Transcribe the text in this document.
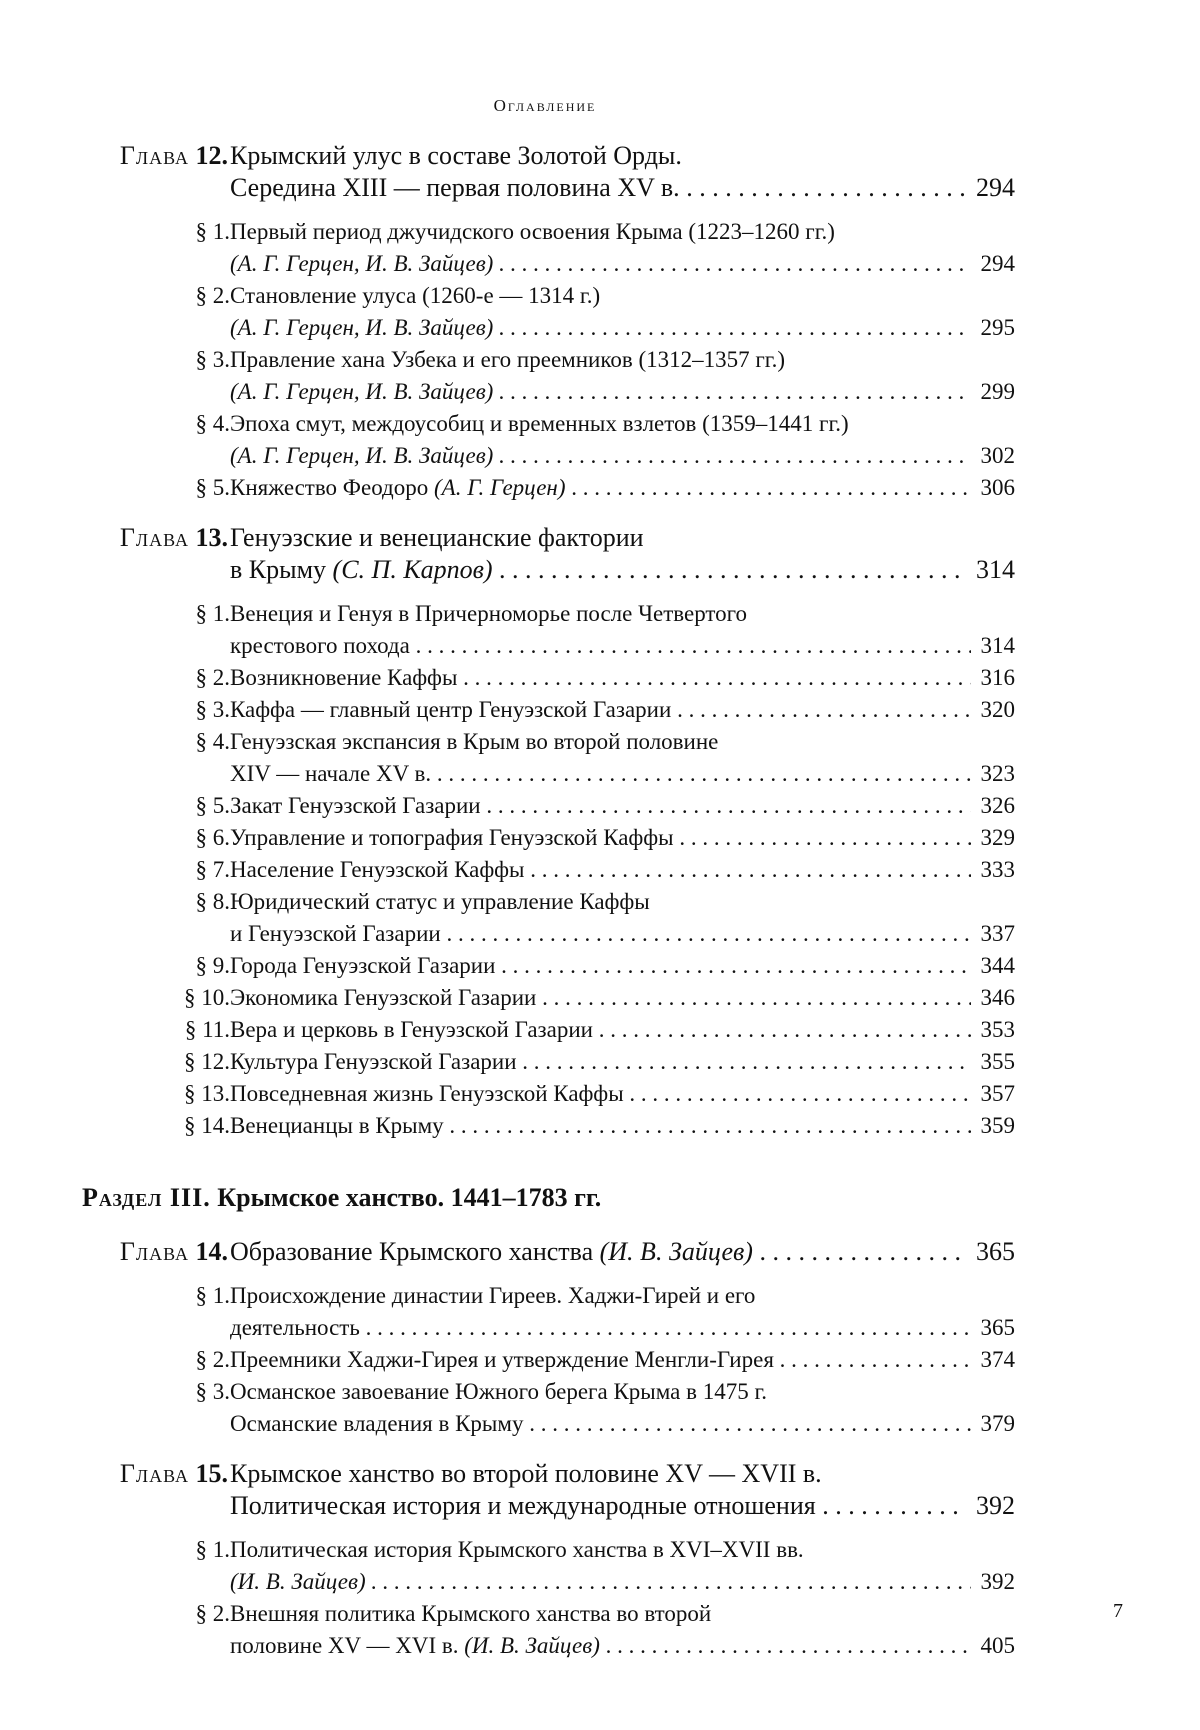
Оглавление
Глава 12. Крымский улус в составе Золотой Орды.
Середина XIII — первая половина XV в. . . .	294
§ 1. Первый период джучидского освоения Крыма (1223–1260 гг.)
(А. Г. Герцен, И. В. Зайцев) . . .	294
§ 2. Становление улуса (1260-е — 1314 г.)
(А. Г. Герцен, И. В. Зайцев) . . .	295
§ 3. Правление хана Узбека и его преемников (1312–1357 гг.)
(А. Г. Герцен, И. В. Зайцев) . . .	299
§ 4. Эпоха смут, междоусобиц и временных взлетов (1359–1441 гг.)
(А. Г. Герцен, И. В. Зайцев) . . .	302
§ 5. Княжество Феодоро (А. Г. Герцен) . . .	306
Глава 13. Генуэзские и венецианские фактории
в Крыму (С. П. Карпов) . . .	314
§ 1. Венеция и Генуя в Причерноморье после Четвертого
крестового похода . . .	314
§ 2. Возникновение Каффы . . .	316
§ 3. Каффа — главный центр Генуэзской Газарии . . .	320
§ 4. Генуэзская экспансия в Крым во второй половине
XIV — начале XV в. . . .	323
§ 5. Закат Генуэзской Газарии . . .	326
§ 6. Управление и топография Генуэзской Каффы . . .	329
§ 7. Население Генуэзской Каффы . . .	333
§ 8. Юридический статус и управление Каффы
и Генуэзской Газарии . . .	337
§ 9. Города Генуэзской Газарии . . .	344
§ 10. Экономика Генуэзской Газарии . . .	346
§ 11. Вера и церковь в Генуэзской Газарии . . .	353
§ 12. Культура Генуэзской Газарии . . .	355
§ 13. Повседневная жизнь Генуэзской Каффы . . .	357
§ 14. Венецианцы в Крыму . . .	359
Раздел III. Крымское ханство. 1441–1783 гг.
Глава 14. Образование Крымского ханства (И. В. Зайцев) . . .	365
§ 1. Происхождение династии Гиреев. Хаджи-Гирей и его
деятельность . . .	365
§ 2. Преемники Хаджи-Гирея и утверждение Менгли-Гирея . . .	374
§ 3. Османское завоевание Южного берега Крыма в 1475 г.
Османские владения в Крыму . . .	379
Глава 15. Крымское ханство во второй половине XV — XVII в.
Политическая история и международные отношения . . .	392
§ 1. Политическая история Крымского ханства в XVI–XVII вв.
(И. В. Зайцев) . . .	392
§ 2. Внешняя политика Крымского ханства во второй
половине XV — XVI в. (И. В. Зайцев) . . .	405
7
